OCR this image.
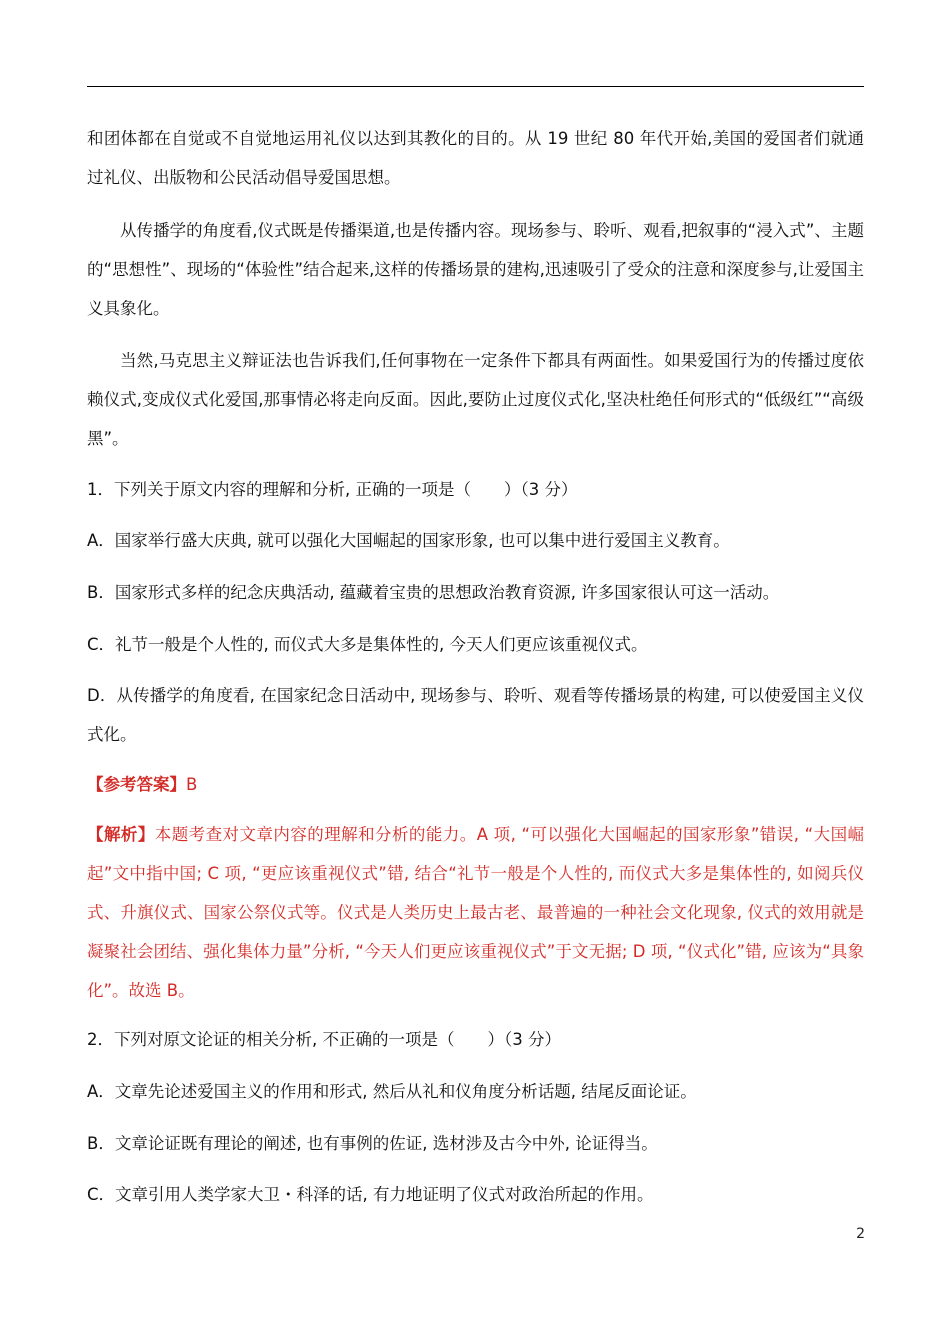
和团体都在自觉或不自觉地运用礼仪以达到其教化的目的。从 19 世纪 80 年代开始,美国的爱国者们就通过礼仪、出版物和公民活动倡导爱国思想。

从传播学的角度看,仪式既是传播渠道,也是传播内容。现场参与、聆听、观看,把叙事的“浸入式”、主题的“思想性”、现场的“体验性”结合起来,这样的传播场景的建构,迅速吸引了受众的注意和深度参与,让爱国主义具象化。

当然,马克思主义辩证法也告诉我们,任何事物在一定条件下都具有两面性。如果爱国行为的传播过度依赖仪式,变成仪式化爱国,那事情必将走向反面。因此,要防止过度仪式化,坚决杜绝任何形式的“低级红”“高级黑”。

1．下列关于原文内容的理解和分析, 正确的一项是（　　）（3 分）

A．国家举行盛大庆典, 就可以强化大国崛起的国家形象, 也可以集中进行爱国主义教育。

B．国家形式多样的纪念庆典活动, 蕴藏着宝贵的思想政治教育资源, 许多国家很认可这一活动。

C．礼节一般是个人性的, 而仪式大多是集体性的, 今天人们更应该重视仪式。

D．从传播学的角度看, 在国家纪念日活动中, 现场参与、聆听、观看等传播场景的构建, 可以使爱国主义仪式化。

【参考答案】B

【解析】本题考查对文章内容的理解和分析的能力。A 项, “可以强化大国崛起的国家形象”错误, “大国崛起”文中指中国; C 项, “更应该重视仪式”错, 结合“礼节一般是个人性的, 而仪式大多是集体性的, 如阅兵仪式、升旗仪式、国家公祭仪式等。仪式是人类历史上最古老、最普遍的一种社会文化现象, 仪式的效用就是凝聚社会团结、强化集体力量”分析, “今天人们更应该重视仪式”于文无据; D 项, “仪式化”错, 应该为“具象化”。故选 B。

2．下列对原文论证的相关分析, 不正确的一项是（　　）（3 分）

A．文章先论述爱国主义的作用和形式, 然后从礼和仪角度分析话题, 结尾反面论证。

B．文章论证既有理论的阐述, 也有事例的佐证, 选材涉及古今中外, 论证得当。

C．文章引用人类学家大卫・科泽的话, 有力地证明了仪式对政治所起的作用。

2
